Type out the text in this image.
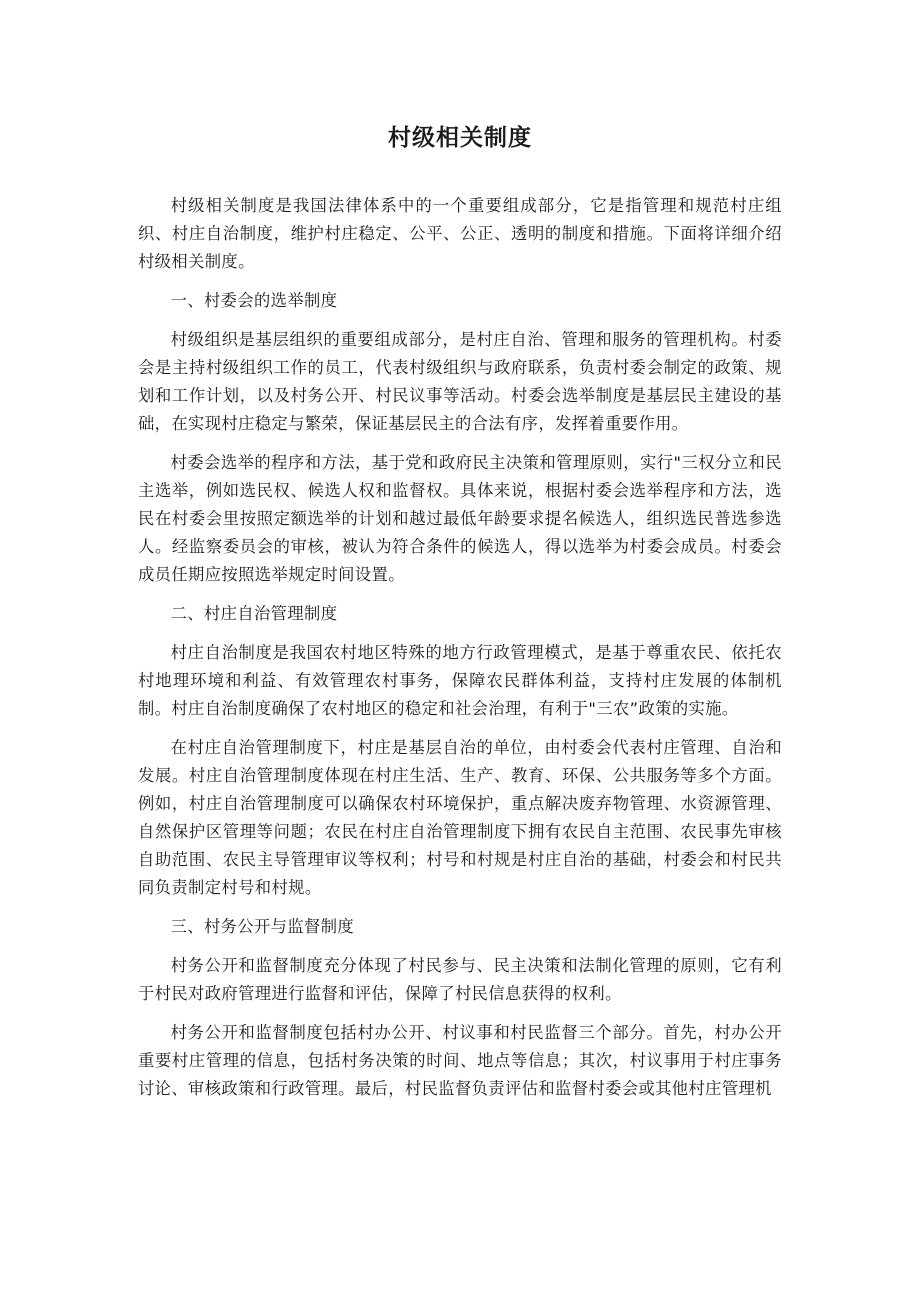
村级相关制度

村级相关制度是我国法律体系中的一个重要组成部分，它是指管理和规范村庄组织、村庄自治制度，维护村庄稳定、公平、公正、透明的制度和措施。下面将详细介绍村级相关制度。

一、村委会的选举制度

村级组织是基层组织的重要组成部分，是村庄自治、管理和服务的管理机构。村委会是主持村级组织工作的员工，代表村级组织与政府联系，负责村委会制定的政策、规划和工作计划，以及村务公开、村民议事等活动。村委会选举制度是基层民主建设的基础，在实现村庄稳定与繁荣，保证基层民主的合法有序，发挥着重要作用。

村委会选举的程序和方法，基于党和政府民主决策和管理原则，实行"三权分立和民主选举，例如选民权、候选人权和监督权。具体来说，根据村委会选举程序和方法，选民在村委会里按照定额选举的计划和越过最低年龄要求提名候选人，组织选民普选参选人。经监察委员会的审核，被认为符合条件的候选人，得以选举为村委会成员。村委会成员任期应按照选举规定时间设置。

二、村庄自治管理制度

村庄自治制度是我国农村地区特殊的地方行政管理模式，是基于尊重农民、依托农村地理环境和利益、有效管理农村事务，保障农民群体利益，支持村庄发展的体制机制。村庄自治制度确保了农村地区的稳定和社会治理，有利于"三农”政策的实施。

在村庄自治管理制度下，村庄是基层自治的单位，由村委会代表村庄管理、自治和发展。村庄自治管理制度体现在村庄生活、生产、教育、环保、公共服务等多个方面。例如，村庄自治管理制度可以确保农村环境保护，重点解决废弃物管理、水资源管理、自然保护区管理等问题；农民在村庄自治管理制度下拥有农民自主范围、农民事先审核自助范围、农民主导管理审议等权利；村号和村规是村庄自治的基础，村委会和村民共同负责制定村号和村规。

三、村务公开与监督制度

村务公开和监督制度充分体现了村民参与、民主决策和法制化管理的原则，它有利于村民对政府管理进行监督和评估，保障了村民信息获得的权利。

村务公开和监督制度包括村办公开、村议事和村民监督三个部分。首先，村办公开重要村庄管理的信息，包括村务决策的时间、地点等信息；其次，村议事用于村庄事务讨论、审核政策和行政管理。最后，村民监督负责评估和监督村委会或其他村庄管理机
